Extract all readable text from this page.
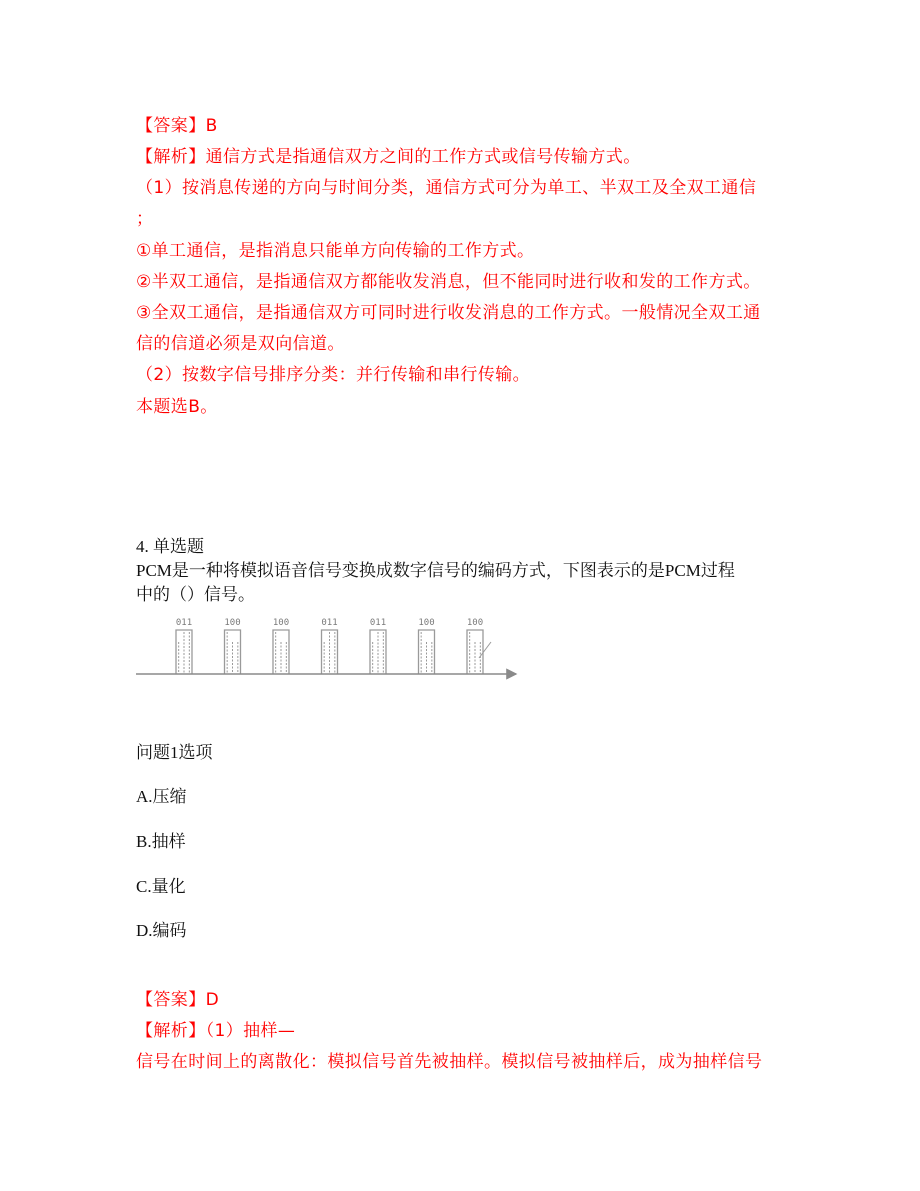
【答案】B
【解析】通信方式是指通信双方之间的工作方式或信号传输方式。
（1）按消息传递的方向与时间分类，通信方式可分为单工、半双工及全双工通信
；
①单工通信，是指消息只能单方向传输的工作方式。
②半双工通信，是指通信双方都能收发消息，但不能同时进行收和发的工作方式。
③全双工通信，是指通信双方可同时进行收发消息的工作方式。一般情况全双工通
信的信道必须是双向信道。
（2）按数字信号排序分类：并行传输和串行传输。
本题选B。
4. 单选题
PCM是一种将模拟语音信号变换成数字信号的编码方式，下图表示的是PCM过程
中的（）信号。
011	100	100	011	011	100	100
问题1选项
A.压缩
B.抽样
C.量化
D.编码
【答案】D
【解析】（1）抽样—
信号在时间上的离散化：模拟信号首先被抽样。模拟信号被抽样后，成为抽样信号
